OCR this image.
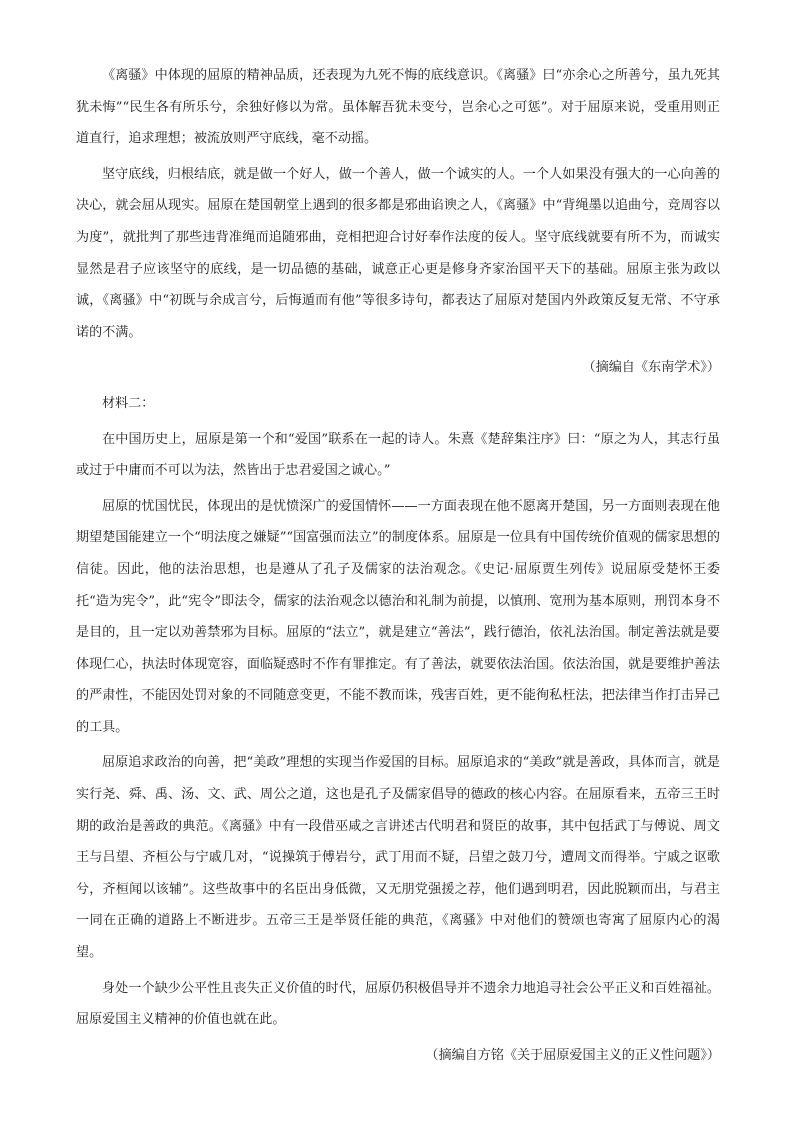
《离骚》中体现的屈原的精神品质，还表现为九死不悔的底线意识。《离骚》曰“亦余心之所善兮，虽九死其犹未悔”“民生各有所乐兮，余独好修以为常。虽体解吾犹未变兮，岂余心之可惩”。对于屈原来说，受重用则正道直行，追求理想；被流放则严守底线，毫不动摇。

坚守底线，归根结底，就是做一个好人，做一个善人，做一个诚实的人。一个人如果没有强大的一心向善的决心，就会屈从现实。屈原在楚国朝堂上遇到的很多都是邪曲谄谀之人，《离骚》中“背绳墨以追曲兮，竞周容以为度”，就批判了那些违背准绳而追随邪曲，竞相把迎合讨好奉作法度的佞人。坚守底线就要有所不为，而诚实显然是君子应该坚守的底线，是一切品德的基础，诚意正心更是修身齐家治国平天下的基础。屈原主张为政以诚，《离骚》中“初既与余成言兮，后悔遁而有他”等很多诗句，都表达了屈原对楚国内外政策反复无常、不守承诺的不满。

（摘编自《东南学术》）

材料二：

在中国历史上，屈原是第一个和“爱国”联系在一起的诗人。朱熹《楚辞集注序》曰：“原之为人，其志行虽或过于中庸而不可以为法，然皆出于忠君爱国之诚心。”

屈原的忧国忧民，体现出的是忧愤深广的爱国情怀——一方面表现在他不愿离开楚国，另一方面则表现在他期望楚国能建立一个“明法度之嫌疑”“国富强而法立”的制度体系。屈原是一位具有中国传统价值观的儒家思想的信徒。因此，他的法治思想，也是遵从了孔子及儒家的法治观念。《史记·屈原贾生列传》说屈原受楚怀王委托“造为宪令”，此“宪令”即法令，儒家的法治观念以德治和礼制为前提，以慎刑、宽刑为基本原则，刑罚本身不是目的，且一定以劝善禁邪为目标。屈原的“法立”，就是建立“善法”，践行德治，依礼法治国。制定善法就是要体现仁心，执法时体现宽容，面临疑惑时不作有罪推定。有了善法，就要依法治国。依法治国，就是要维护善法的严肃性，不能因处罚对象的不同随意变更，不能不教而诛，残害百姓，更不能徇私枉法，把法律当作打击异己的工具。

屈原追求政治的向善，把“美政”理想的实现当作爱国的目标。屈原追求的“美政”就是善政，具体而言，就是实行尧、舜、禹、汤、文、武、周公之道，这也是孔子及儒家倡导的德政的核心内容。在屈原看来，五帝三王时期的政治是善政的典范。《离骚》中有一段借巫咸之言讲述古代明君和贤臣的故事，其中包括武丁与傅说、周文王与吕望、齐桓公与宁戚几对，“说操筑于傅岩兮，武丁用而不疑，吕望之鼓刀兮，遭周文而得举。宁戚之讴歌兮，齐桓闻以该辅”。这些故事中的名臣出身低微，又无朋党强援之荐，他们遇到明君，因此脱颖而出，与君主一同在正确的道路上不断进步。五帝三王是举贤任能的典范，《离骚》中对他们的赞颂也寄寓了屈原内心的渴望。

身处一个缺少公平性且丧失正义价值的时代，屈原仍积极倡导并不遗余力地追寻社会公平正义和百姓福祉。屈原爱国主义精神的价值也就在此。

（摘编自方铭《关于屈原爱国主义的正义性问题》）
